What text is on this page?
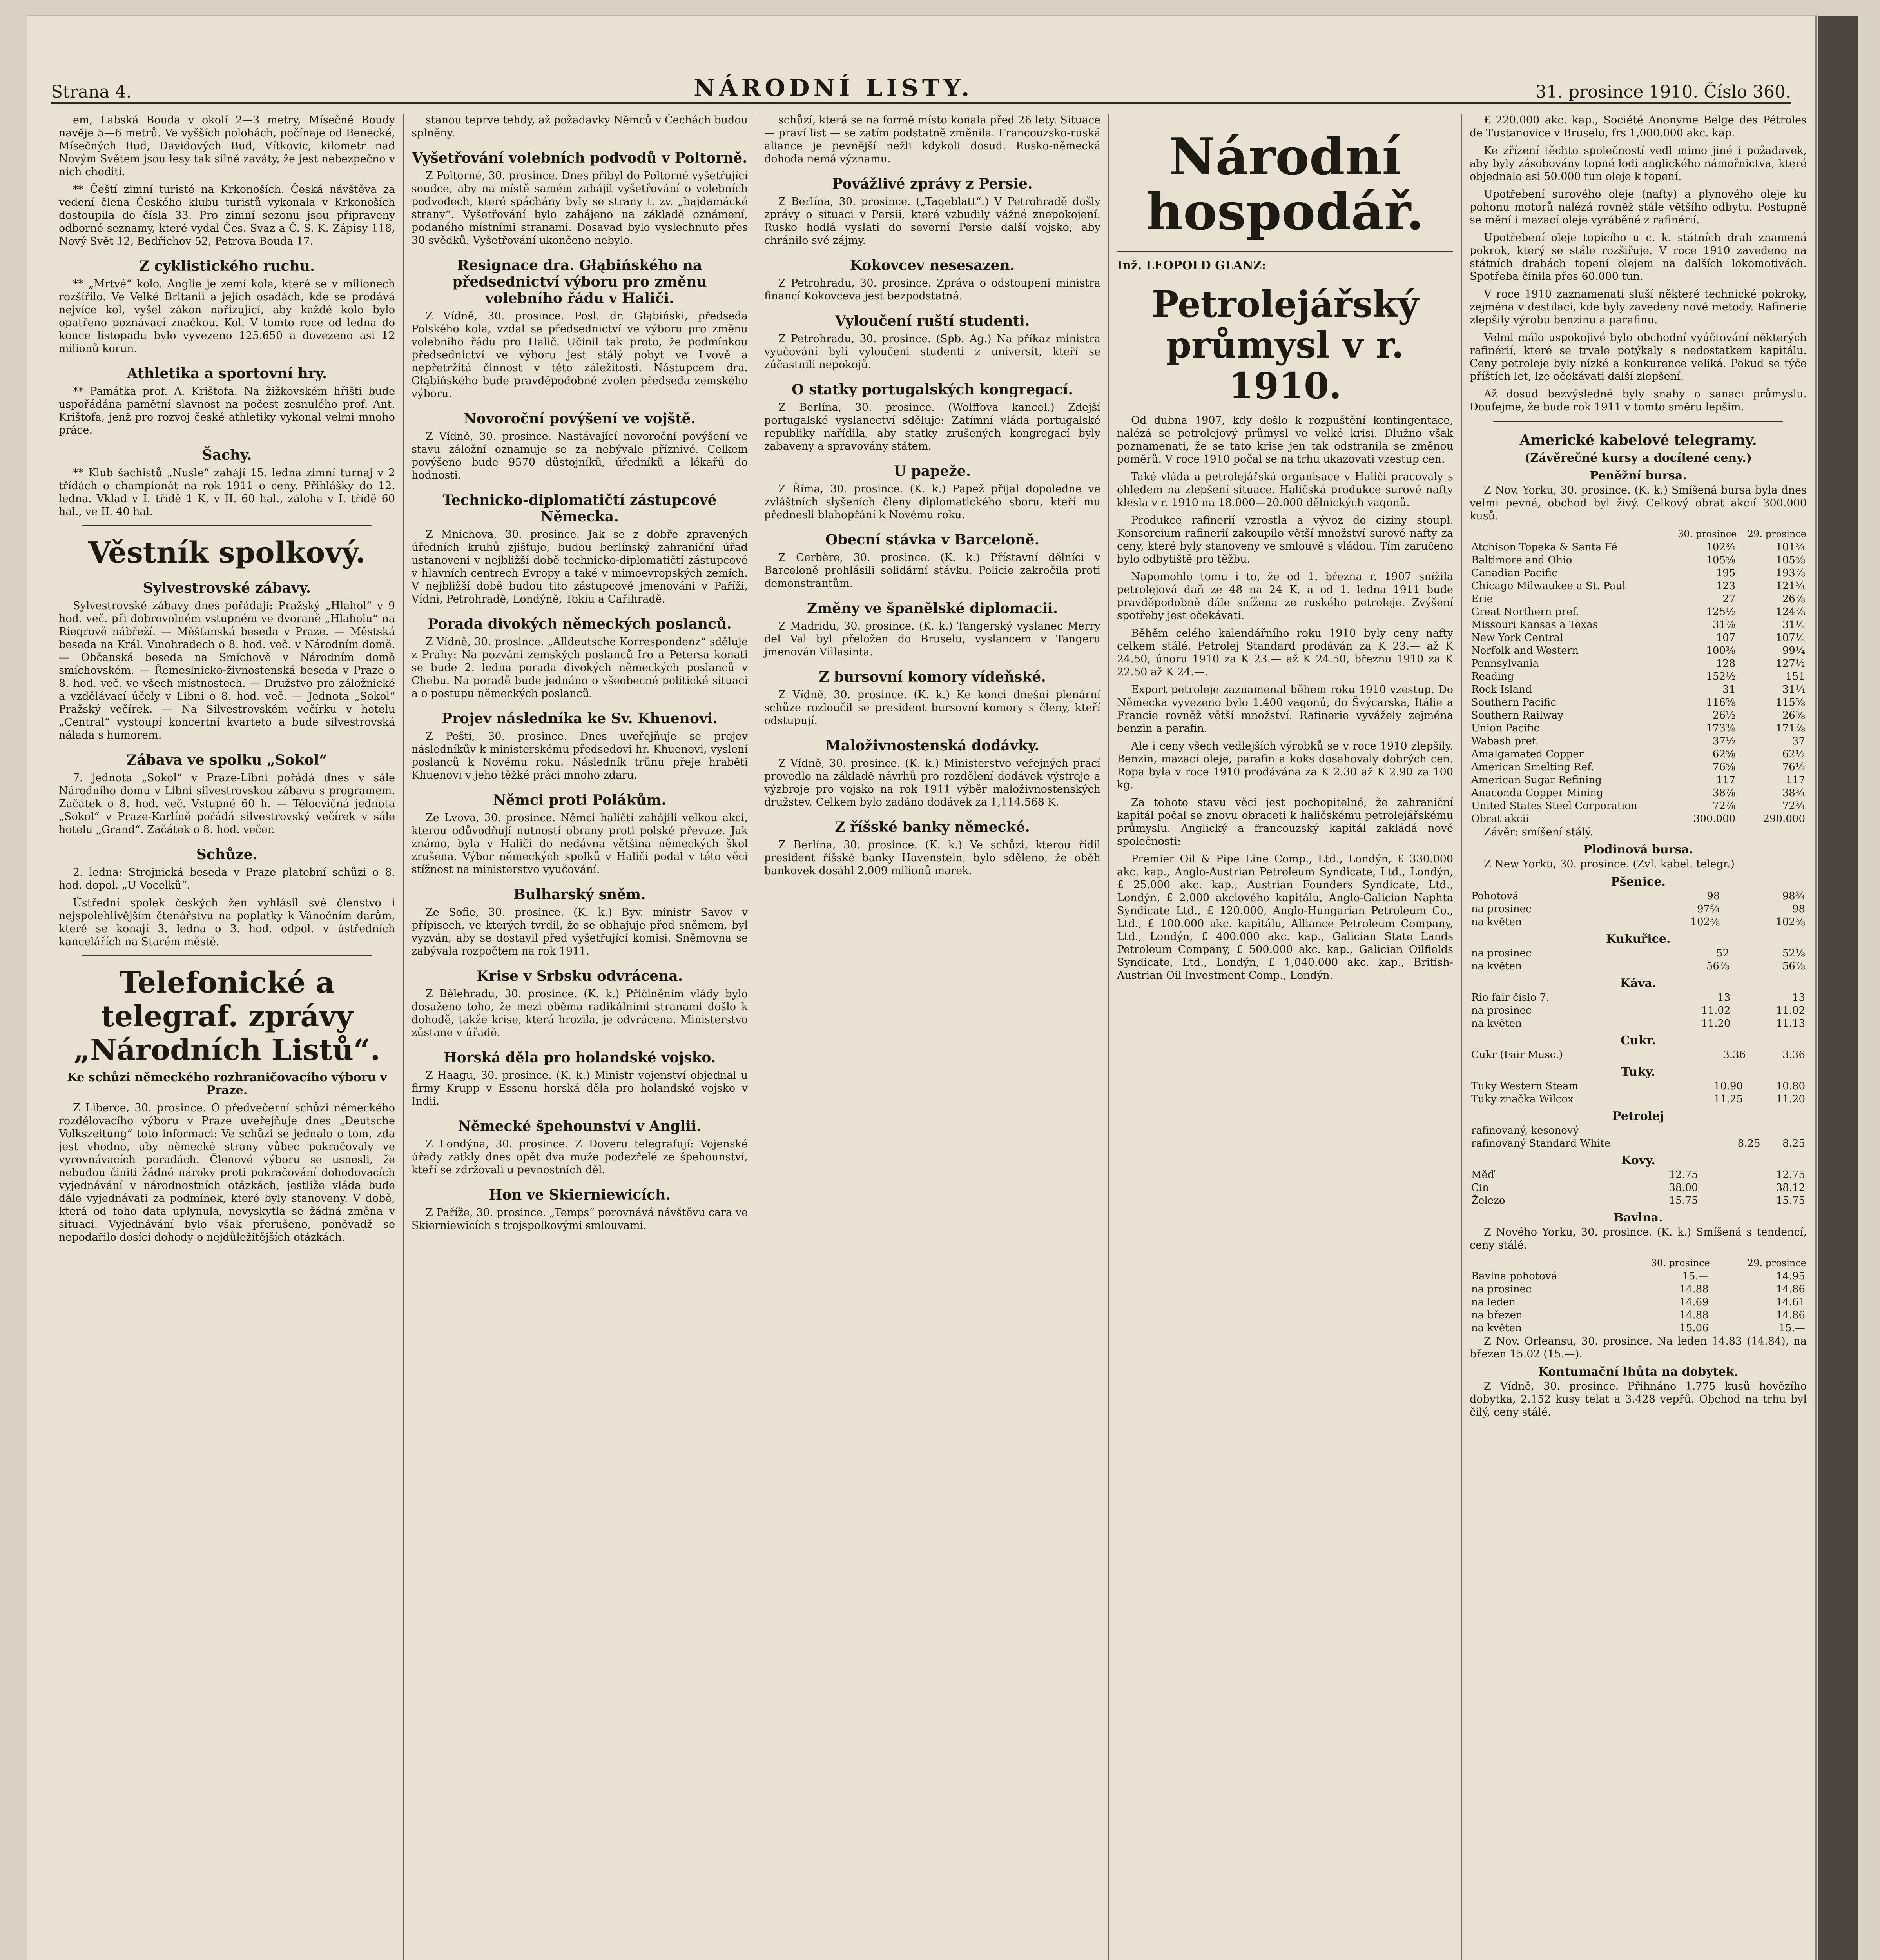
Strana 4.	NÁRODNÍ LISTY.	31. prosince 1910. Číslo 360.

em, Labská Bouda v okolí 2—3 metry, Mísečné Boudy navěje 5—6 metrů. Ve vyšších polohách, počínaje od Benecké, Mísečných Bud, Davidových Bud, Vítkovic, kilometr nad Novým Světem jsou lesy tak silně zaváty, že jest nebezpečno v nich choditi.

** Čeští zimní turisté na Krkonoších. Česká návštěva za vedení člena Českého klubu turistů vykonala v Krkonoších dostoupila do čísla 33. Pro zimní sezonu jsou připraveny odborné seznamy, které vydal Čes. Svaz a Č. S. K. Zápisy 118, Nový Svět 12, Bedřichov 52, Petrova Bouda 17.

Z cyklistického ruchu.

** „Mrtvé“ kolo. Anglie je zemí kola, které se v milionech rozšířilo. Ve Velké Britanii a jejích osadách, kde se prodává nejvíce kol, vyšel zákon nařizující, aby každé kolo bylo opatřeno poznávací značkou. Kol. V tomto roce od ledna do konce listopadu bylo vyvezeno 125.650 a dovezeno asi 12 milionů korun.

Athletika a sportovní hry.

** Památka prof. A. Krištofa. Na žižkovském hřišti bude uspořádána pamětní slavnost na počest zesnulého prof. Ant. Krištofa, jenž pro rozvoj české athletiky vykonal velmi mnoho práce.

Šachy.

** Klub šachistů „Nusle“ zahájí 15. ledna zimní turnaj v 2 třídách o championát na rok 1911 o ceny. Přihlášky do 12. ledna. Vklad v I. třídě 1 K, v II. 60 hal., záloha v I. třídě 60 hal., ve II. 40 hal.

Věstník spolkový.
Sylvestrovské zábavy.

Sylvestrovské zábavy dnes pořádají: Pražský „Hlahol“ v 9 hod. več. při dobrovolném vstupném ve dvoraně „Hlaholu“ na Riegrově nábřeží. — Měšťanská beseda v Praze. — Městská beseda na Král. Vinohradech o 8. hod. več. v Národním domě. — Občanská beseda na Smíchově v Národním domě smíchovském. — Řemeslnicko-živnostenská beseda v Praze o 8. hod. več. ve všech místnostech. — Družstvo pro záložnické a vzdělávací účely v Libni o 8. hod. več. — Jednota „Sokol“ Pražský večírek. — Na Silvestrovském večírku v hotelu „Central“ vystoupí koncertní kvarteto a bude silvestrovská nálada s humorem.

Zábava ve spolku „Sokol“

7. jednota „Sokol“ v Praze-Libni pořádá dnes v sále Národního domu v Libni silvestrovskou zábavu s programem. Začátek o 8. hod. več. Vstupné 60 h. — Tělocvičná jednota „Sokol“ v Praze-Karlíně pořádá silvestrovský večírek v sále hotelu „Grand“. Začátek o 8. hod. večer.

Schůze.

2. ledna: Strojnická beseda v Praze platební schůzi o 8. hod. dopol. „U Vocelků“.

Ústřední spolek českých žen vyhlásil své členstvo i nejspolehlivějším čtenářstvu na poplatky k Vánočním darům, které se konají 3. ledna o 3. hod. odpol. v ústředních kancelářích na Starém městě.

Telefonické a telegraf. zprávy „Národních Listů“.
Ke schůzi německého rozhraničovacího výboru v Praze.

Z Liberce, 30. prosince. O předvečerní schůzi německého rozdělovacího výboru v Praze uveřejňuje dnes „Deutsche Volkszeitung“ toto informaci: Ve schůzi se jednalo o tom, zda jest vhodno, aby německé strany vůbec pokračovaly ve vyrovnávacích poradách. Členové výboru se usnesli, že nebudou činiti žádné nároky proti pokračování dohodovacích vyjednávání v národnostních otázkách, jestliže vláda bude dále vyjednávati za podmínek, které byly stanoveny. V době, která od toho data uplynula, nevyskytla se žádná změna v situaci. Vyjednávání bylo však přerušeno, poněvadž se nepodařilo dosíci dohody o nejdůležitějších otázkách.

stanou teprve tehdy, až požadavky Němců v Čechách budou splněny.

Vyšetřování volebních podvodů v Poltorně.

Z Poltorné, 30. prosince. Dnes přibyl do Poltorné vyšetřující soudce, aby na místě samém zahájil vyšetřování o volebních podvodech, které spáchány byly se strany t. zv. „hajdamácké strany“. Vyšetřování bylo zahájeno na základě oznámení, podaného místními stranami. Dosavad bylo vyslechnuto přes 30 svědků. Vyšetřování ukončeno nebylo.

Resignace dra. Głąbińského na předsednictví výboru pro změnu volebního řádu v Haliči.

Z Vídně, 30. prosince. Posl. dr. Głąbiński, předseda Polského kola, vzdal se předsednictví ve výboru pro změnu volebního řádu pro Halič. Učinil tak proto, že podmínkou předsednictví ve výboru jest stálý pobyt ve Lvově a nepřetržitá činnost v této záležitosti. Nástupcem dra. Głąbińského bude pravděpodobně zvolen předseda zemského výboru.

Novoroční povýšení ve vojště.

Z Vídně, 30. prosince. Nastávající novoroční povýšení ve stavu záložní oznamuje se za nebývale příznivé. Celkem povýšeno bude 9570 důstojníků, úředníků a lékařů do hodnosti.

Technicko-diplomatičtí zástupcové Německa.

Z Mnichova, 30. prosince. Jak se z dobře zpravených úředních kruhů zjišťuje, budou berlínský zahraniční úřad ustanoveni v nejbližší době technicko-diplomatičtí zástupcové v hlavních centrech Evropy a také v mimoevropských zemích. V nejbližší době budou tito zástupcové jmenováni v Paříži, Vídni, Petrohradě, Londýně, Tokiu a Cařihradě.

Porada divokých německých poslanců.

Z Vídně, 30. prosince. „Alldeutsche Korrespondenz“ sděluje z Prahy: Na pozvání zemských poslanců Iro a Petersa konati se bude 2. ledna porada divokých německých poslanců v Chebu. Na poradě bude jednáno o všeobecné politické situaci a o postupu německých poslanců.

Projev následníka ke Sv. Khuenovi.

Z Pešti, 30. prosince. Dnes uveřejňuje se projev následníkův k ministerskému předsedovi hr. Khuenovi, vyslení poslanců k Novému roku. Následník trůnu přeje hraběti Khuenovi v jeho těžké práci mnoho zdaru.

Němci proti Polákům.

Ze Lvova, 30. prosince. Němci haličtí zahájili velkou akci, kterou odůvodňují nutností obrany proti polské převaze. Jak známo, byla v Haliči do nedávna většina německých škol zrušena. Výbor německých spolků v Haliči podal v této věci stížnost na ministerstvo vyučování.

Bulharský sněm.

Ze Sofie, 30. prosince. (K. k.) Byv. ministr Savov v přípisech, ve kterých tvrdil, že se obhajuje před sněmem, byl vyzván, aby se dostavil před vyšetřující komisi. Sněmovna se zabývala rozpočtem na rok 1911.

Krise v Srbsku odvrácena.

Z Bělehradu, 30. prosince. (K. k.) Přičiněním vlády bylo dosaženo toho, že mezi oběma radikálními stranami došlo k dohodě, takže krise, která hrozila, je odvrácena. Ministerstvo zůstane v úřadě.

Horská děla pro holandské vojsko.

Z Haagu, 30. prosince. (K. k.) Ministr vojenství objednal u firmy Krupp v Essenu horská děla pro holandské vojsko v Indii.

Německé špehounství v Anglii.

Z Londýna, 30. prosince. Z Doveru telegrafují: Vojenské úřady zatkly dnes opět dva muže podezřelé ze špehounství, kteří se zdržovali u pevnostních děl.

Hon ve Skierniewicích.

Z Paříže, 30. prosince. „Temps“ porovnává návštěvu cara ve Skierniewicích s trojspolkovými smlouvami.

schůzí, která se na formě místo konala před 26 lety. Situace — praví list — se zatím podstatně změnila. Francouzsko-ruská aliance je pevnější nežli kdykoli dosud. Rusko-německá dohoda nemá významu.

Povážlivé zprávy z Persie.

Z Berlína, 30. prosince. („Tageblatt“.) V Petrohradě došly zprávy o situaci v Persii, které vzbudily vážné znepokojení. Rusko hodlá vyslati do severní Persie další vojsko, aby chránilo své zájmy.

Kokovcev nesesazen.

Z Petrohradu, 30. prosince. Zpráva o odstoupení ministra financí Kokovceva jest bezpodstatná.

Vyloučení ruští studenti.

Z Petrohradu, 30. prosince. (Spb. Ag.) Na příkaz ministra vyučování byli vyloučeni studenti z universit, kteří se zúčastnili nepokojů.

O statky portugalských kongregací.

Z Berlína, 30. prosince. (Wolffova kancel.) Zdejší portugalské vyslanectví sděluje: Zatímní vláda portugalské republiky nařídila, aby statky zrušených kongregací byly zabaveny a spravovány státem.

U papeže.

Z Říma, 30. prosince. (K. k.) Papež přijal dopoledne ve zvláštních slyšeních členy diplomatického sboru, kteří mu přednesli blahopřání k Novému roku.

Obecní stávka v Barceloně.

Z Cerbère, 30. prosince. (K. k.) Přístavní dělníci v Barceloně prohlásili solidární stávku. Policie zakročila proti demonstrantům.

Změny ve španělské diplomacii.

Z Madridu, 30. prosince. (K. k.) Tangerský vyslanec Merry del Val byl přeložen do Bruselu, vyslancem v Tangeru jmenován Villasinta.

Z bursovní komory vídeňské.

Z Vídně, 30. prosince. (K. k.) Ke konci dnešní plenární schůze rozloučil se president bursovní komory s členy, kteří odstupují.

Maloživnostenská dodávky.

Z Vídně, 30. prosince. (K. k.) Ministerstvo veřejných prací provedlo na základě návrhů pro rozdělení dodávek výstroje a výzbroje pro vojsko na rok 1911 výběr maloživnostenských družstev. Celkem bylo zadáno dodávek za 1,114.568 K.

Z říšské banky německé.

Z Berlína, 30. prosince. (K. k.) Ve schůzi, kterou řídil president říšské banky Havenstein, bylo sděleno, že oběh bankovek dosáhl 2.009 milionů marek.

Národní hospodář.

Inž. LEOPOLD GLANZ:

Petrolejářský průmysl v r. 1910.

Od dubna 1907, kdy došlo k rozpuštění kontingentace, nalézá se petrolejový průmysl ve velké krisi. Dlužno však poznamenati, že se tato krise jen tak odstranila se změnou poměrů. V roce 1910 počal se na trhu ukazovati vzestup cen.

Také vláda a petrolejářská organisace v Haliči pracovaly s ohledem na zlepšení situace. Haličská produkce surové nafty klesla v r. 1910 na 18.000—20.000 dělnických vagonů.

Produkce rafinerií vzrostla a vývoz do ciziny stoupl. Konsorcium rafinerií zakoupilo větší množství surové nafty za ceny, které byly stanoveny ve smlouvě s vládou. Tím zaručeno bylo odbytiště pro těžbu.

Napomohlo tomu i to, že od 1. března r. 1907 snížila petrolejová daň ze 48 na 24 K, a od 1. ledna 1911 bude pravděpodobně dále snížena ze ruského petroleje. Zvýšení spotřeby jest očekávati.

Běhěm celého kalendářního roku 1910 byly ceny nafty celkem stálé. Petrolej Standard prodáván za K 23.— až K 24.50, únoru 1910 za K 23.— až K 24.50, březnu 1910 za K 22.50 až K 24.—.

Export petroleje zaznamenal během roku 1910 vzestup. Do Německa vyvezeno bylo 1.400 vagonů, do Švýcarska, Itálie a Francie rovněž větší množství. Rafinerie vyvážely zejména benzin a parafin.

Ale i ceny všech vedlejších výrobků se v roce 1910 zlepšily. Benzin, mazací oleje, parafin a koks dosahovaly dobrých cen. Ropa byla v roce 1910 prodávána za K 2.30 až K 2.90 za 100 kg.

Za tohoto stavu věcí jest pochopitelné, že zahraniční kapitál počal se znovu obraceti k haličskému petrolejářskému průmyslu. Anglický a francouzský kapitál zakládá nové společnosti:

Premier Oil & Pipe Line Comp., Ltd., Londýn, £ 330.000 akc. kap., Anglo-Austrian Petroleum Syndicate, Ltd., Londýn, £ 25.000 akc. kap., Austrian Founders Syndicate, Ltd., Londýn, £ 2.000 akciového kapitálu, Anglo-Galician Naphta Syndicate Ltd., £ 120.000, Anglo-Hungarian Petroleum Co., Ltd., £ 100.000 akc. kapitálu, Alliance Petroleum Company, Ltd., Londýn, £ 400.000 akc. kap., Galician State Lands Petroleum Company, £ 500.000 akc. kap., Galician Oilfields Syndicate, Ltd., Londýn, £ 1,040.000 akc. kap., British-Austrian Oil Investment Comp., Londýn.

£ 220.000 akc. kap., Société Anonyme Belge des Pétroles de Tustanovice v Bruselu, frs 1,000.000 akc. kap.

Ke zřízení těchto společností vedl mimo jiné i požadavek, aby byly zásobovány topné lodi anglického námořnictva, které objednalo asi 50.000 tun oleje k topení.

Upotřebení surového oleje (nafty) a plynového oleje ku pohonu motorů nalézá rovněž stále většího odbytu. Postupně se mění i mazací oleje vyráběné z rafinérií.

Upotřebení oleje topicího u c. k. státních drah znamená pokrok, který se stále rozšiřuje. V roce 1910 zavedeno na státních drahách topení olejem na dalších lokomotivách. Spotřeba činila přes 60.000 tun.

V roce 1910 zaznamenati sluší některé technické pokroky, zejména v destilaci, kde byly zavedeny nové metody. Rafinerie zlepšily výrobu benzinu a parafinu.

Velmi málo uspokojivé bylo obchodní vyúčtování některých rafinérií, které se trvale potýkaly s nedostatkem kapitálu. Ceny petroleje byly nízké a konkurence veliká. Pokud se týče příštích let, lze očekávati další zlepšení.

Až dosud bezvýsledné byly snahy o sanaci průmyslu. Doufejme, že bude rok 1911 v tomto směru lepším.

Americké kabelové telegramy.
(Závěrečné kursy a docílené ceny.)
Peněžní bursa.

Z Nov. Yorku, 30. prosince. (K. k.) Smíšená bursa byla dnes velmi pevná, obchod byl živý. Celkový obrat akcií 300.000 kusů.

	30. prosince	29. prosince
Atchison Topeka & Santa Fé	102¾	101¾
Baltimore and Ohio	105⅝	105⅝
Canadian Pacific	195	193⅞
Chicago Milwaukee a St. Paul	123	121¾
Erie	27	26⅞
Great Northern pref.	125½	124⅞
Missouri Kansas a Texas	31⅞	31½
New York Central	107	107½
Norfolk and Western	100⅜	99¼
Pennsylvania	128	127½
Reading	152½	151
Rock Island	31	31¼
Southern Pacific	116⅝	115⅝
Southern Railway	26½	26⅜
Union Pacific	173⅜	171⅞
Wabash pref.	37½	37
Amalgamated Copper	62⅝	62½
American Smelting Ref.	76⅝	76½
American Sugar Refining	117	117
Anaconda Copper Mining	38⅞	38¾
United States Steel Corporation	72⅞	72¾
Obrat akcií	300.000	290.000

Závěr: smíšení stálý.

Plodinová bursa.

Z New Yorku, 30. prosince. (Zvl. kabel. telegr.)

Pšenice.
Pohotová	98	98¾
na prosinec	97¾	98
na květen	102⅜	102⅜
Kukuřice.
na prosinec	52	52⅛
na květen	56⅞	56⅞
Káva.
Rio fair číslo 7.	13	13
na prosinec	11.02	11.02
na květen	11.20	11.13
Cukr.
Cukr (Fair Musc.)	3.36	3.36
Tuky.
Tuky Western Steam	10.90	10.80
Tuky značka Wilcox	11.25	11.20
Petrolej
rafinovaný, kesonový		
rafinovaný Standard White	8.25	8.25
Kovy.
Měď	12.75	12.75
Cín	38.00	38.12
Železo	15.75	15.75
Bavlna.

Z Nového Yorku, 30. prosince. (K. k.) Smíšená s tendencí, ceny stálé.

	30. prosince	29. prosince
Bavlna pohotová	15.—	14.95
na prosinec	14.88	14.86
na leden	14.69	14.61
na březen	14.88	14.86
na květen	15.06	15.—

Z Nov. Orleansu, 30. prosince. Na leden 14.83 (14.84), na březen 15.02 (15.—).

Kontumační lhůta na dobytek.

Z Vídně, 30. prosince. Přihnáno 1.775 kusů hovězího dobytka, 2.152 kusy telat a 3.428 vepřů. Obchod na trhu byl čilý, ceny stálé.
